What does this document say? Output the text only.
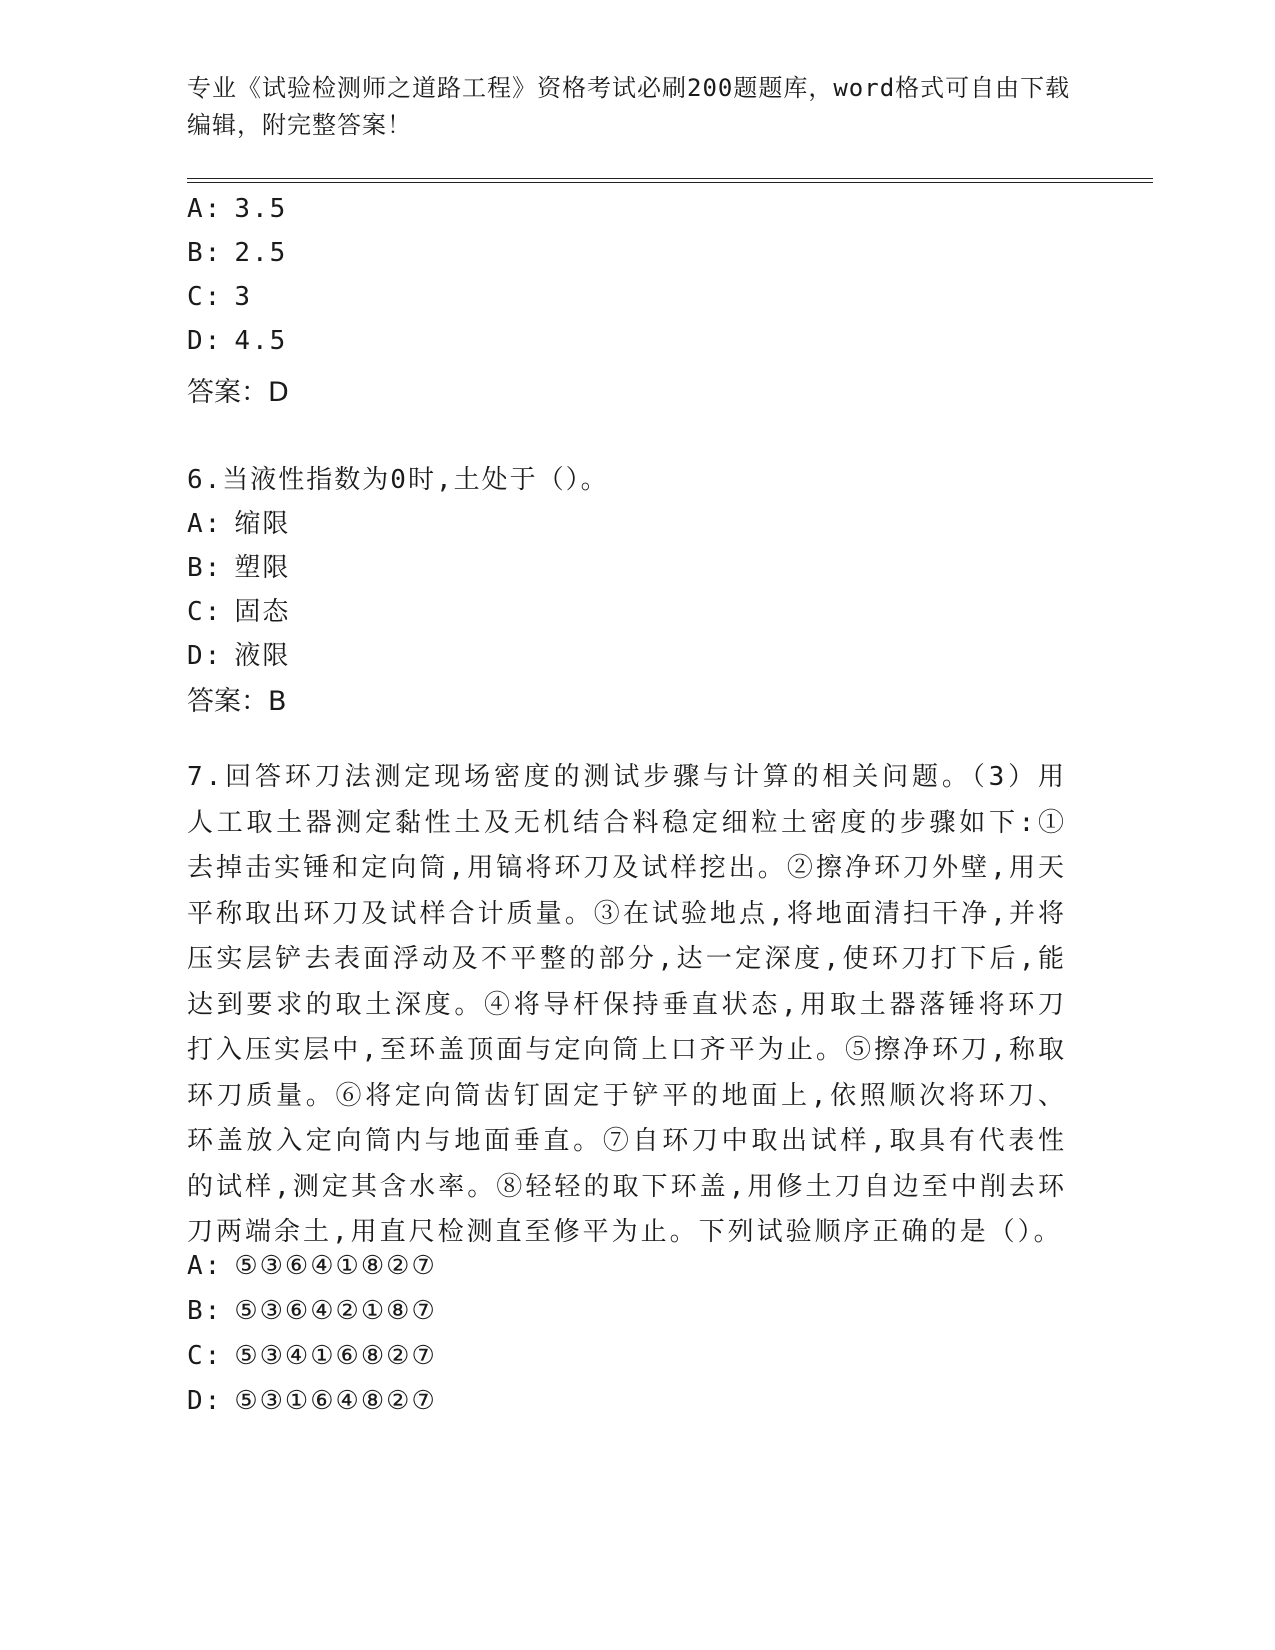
专业《试验检测师之道路工程》资格考试必刷200题题库，word格式可自由下载
编辑，附完整答案！
A: 3.5
B: 2.5
C: 3
D: 4.5
答案：D
6.当液性指数为0时,土处于（）。
A: 缩限
B: 塑限
C: 固态
D: 液限
答案：B
7.回答环刀法测定现场密度的测试步骤与计算的相关问题。（3）用人工取土器测定黏性土及无机结合料稳定细粒土密度的步骤如下:①去掉击实锤和定向筒,用镐将环刀及试样挖出。②擦净环刀外壁,用天平称取出环刀及试样合计质量。③在试验地点,将地面清扫干净,并将压实层铲去表面浮动及不平整的部分,达一定深度,使环刀打下后,能达到要求的取土深度。④将导杆保持垂直状态,用取土器落锤将环刀打入压实层中,至环盖顶面与定向筒上口齐平为止。⑤擦净环刀,称取环刀质量。⑥将定向筒齿钉固定于铲平的地面上,依照顺次将环刀、环盖放入定向筒内与地面垂直。⑦自环刀中取出试样,取具有代表性的试样,测定其含水率。⑧轻轻的取下环盖,用修土刀自边至中削去环刀两端余土,用直尺检测直至修平为止。下列试验顺序正确的是（）。
A: ⑤③⑥④①⑧②⑦
B: ⑤③⑥④②①⑧⑦
C: ⑤③④①⑥⑧②⑦
D: ⑤③①⑥④⑧②⑦
